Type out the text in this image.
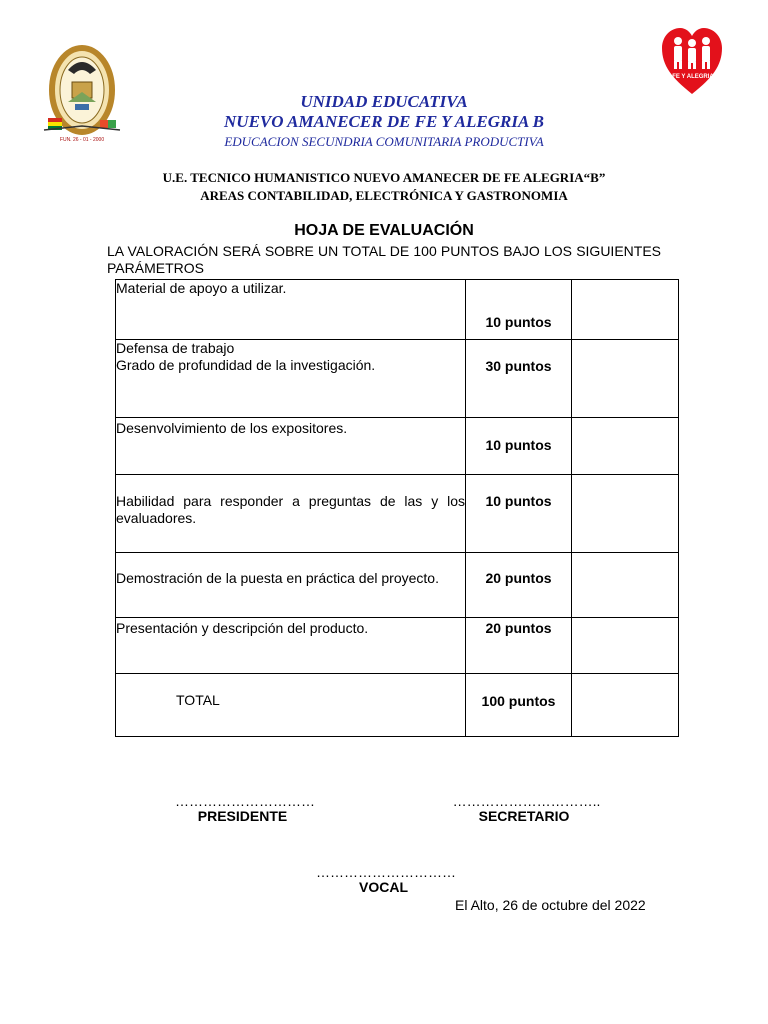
FUN. 26 - 01 - 2000
FE Y ALEGRIA
UNIDAD EDUCATIVA
NUEVO AMANECER DE FE Y ALEGRIA B
EDUCACION SECUNDRIA COMUNITARIA PRODUCTIVA
U.E. TECNICO HUMANISTICO NUEVO AMANECER DE FE ALEGRIA“B”
AREAS CONTABILIDAD, ELECTRÓNICA Y GASTRONOMIA
HOJA DE EVALUACIÓN
LA VALORACIÓN SERÁ SOBRE UN TOTAL DE 100 PUNTOS BAJO LOS SIGUIENTES PARÁMETROS
Material de apoyo a utilizar.	10 puntos	

Defensa de trabajo
Grado de profundidad de la investigación.	30 puntos	

Desenvolvimiento de los expositores.	10 puntos	

Habilidad para responder a preguntas de las y los evaluadores.	10 puntos	

Demostración de la puesta en práctica del proyecto.	20 puntos	

Presentación y descripción del producto.	20 puntos	

TOTAL	100 puntos	

…………………………
PRESIDENTE
…………………………..
SECRETARIO
…………………………
VOCAL
El Alto, 26 de octubre del 2022
